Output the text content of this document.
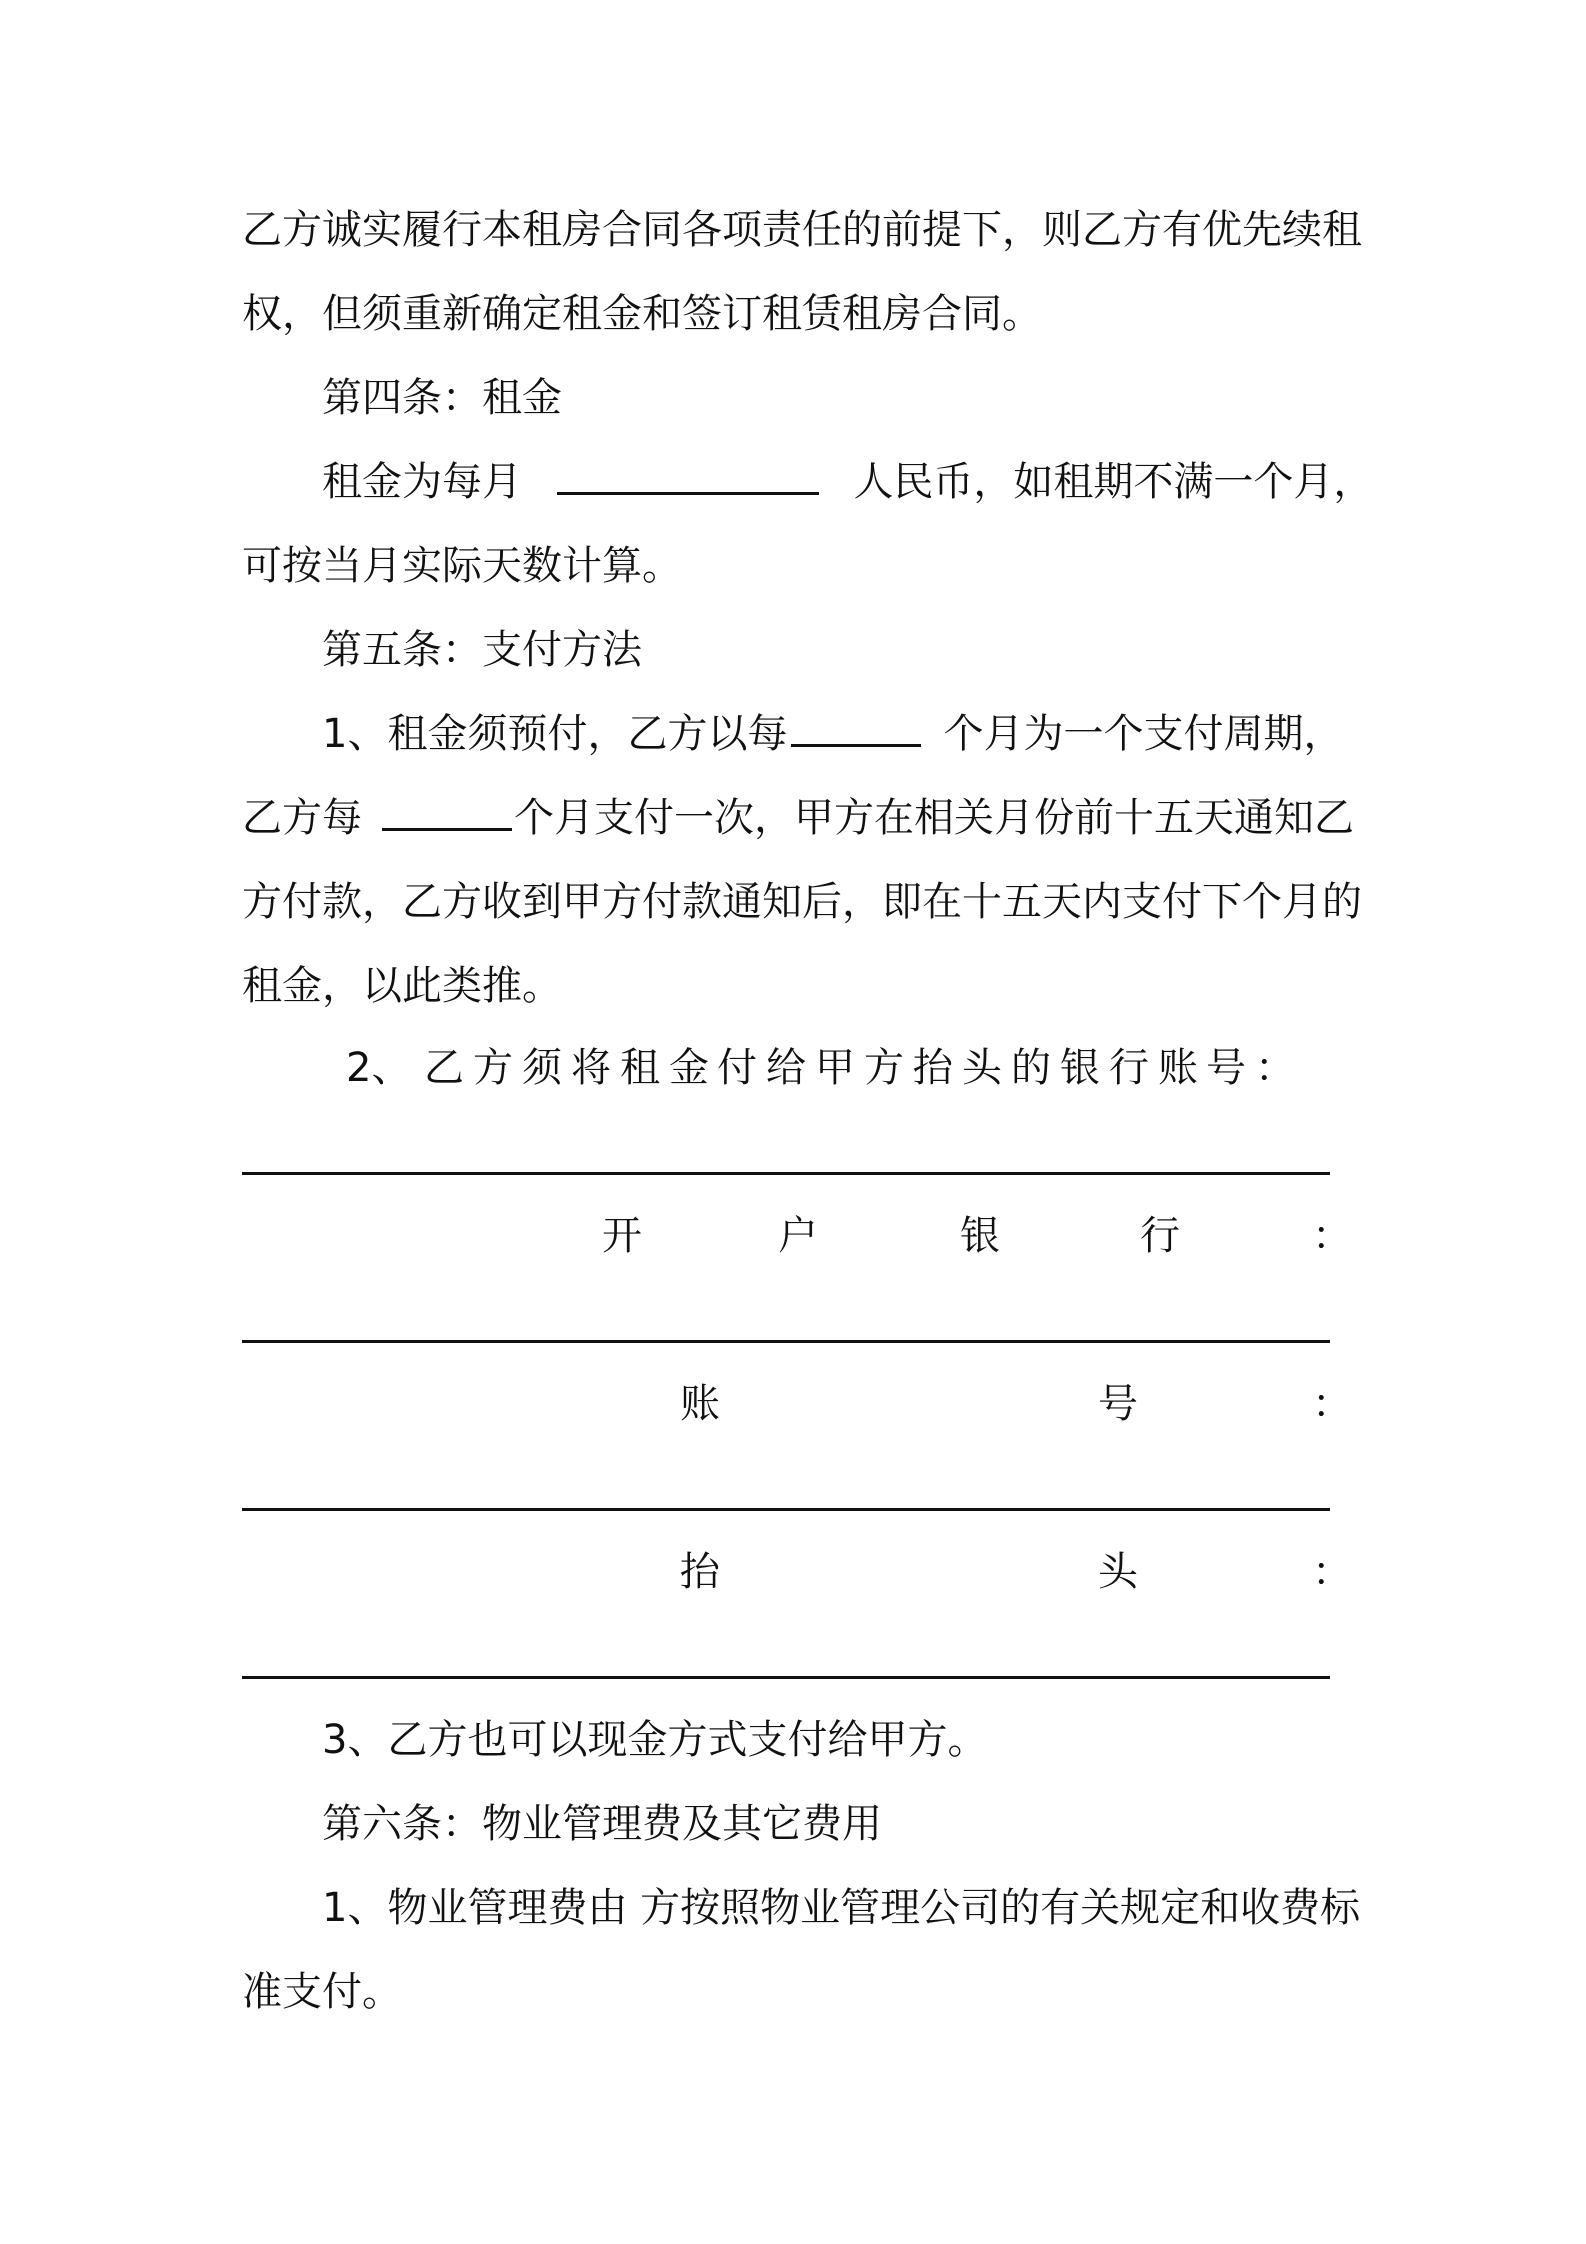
乙方诚实履行本租房合同各项责任的前提下，则乙方有优先续租
权，但须重新确定租金和签订租赁租房合同。
第四条：租金
租金为每月	人民币，如租期不满一个月，
可按当月实际天数计算。
第五条：支付方法
1、租金须预付，乙方以每	个月为一个支付周期，
乙方每	个月支付一次，甲方在相关月份前十五天通知乙
方付款，乙方收到甲方付款通知后，即在十五天内支付下个月的
租金，以此类推。
2、 乙 方 须 将 租 金 付 给 甲 方 抬 头 的 银 行 账 号 ：
开	户	银	行	：
账	号	：
抬	头	：
3、乙方也可以现金方式支付给甲方。
第六条：物业管理费及其它费用
1、物业管理费由 方按照物业管理公司的有关规定和收费标
准支付。
